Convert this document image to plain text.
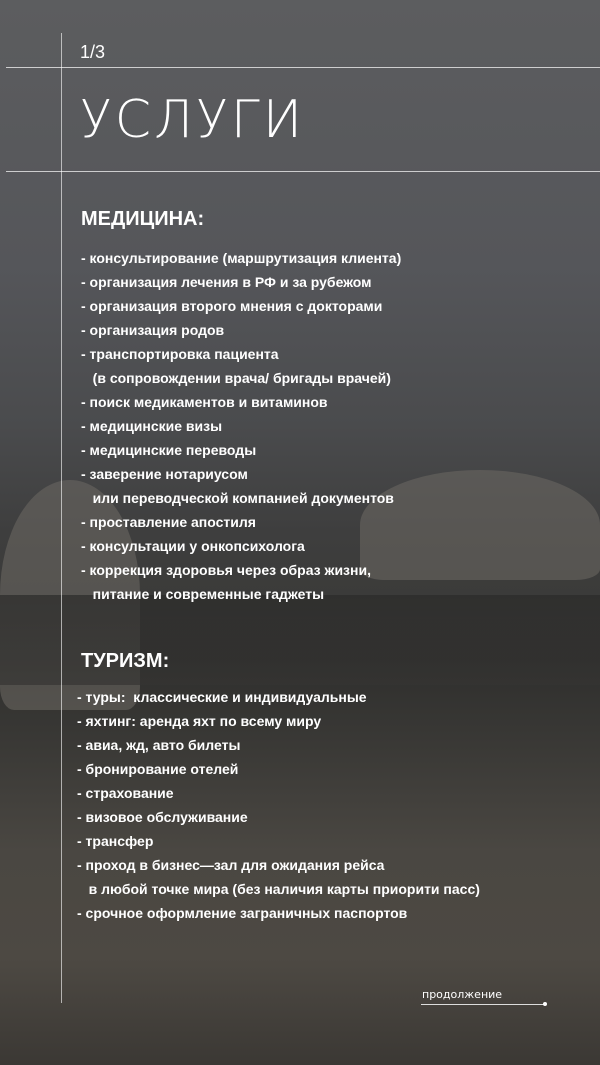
1/3
УСЛУГИ
МЕДИЦИНА:
- консультирование (маршрутизация клиента)
- организация лечения в РФ и за рубежом
- организация второго мнения с докторами
- организация родов
- транспортировка пациента
(в сопровождении врача/ бригады врачей)
- поиск медикаментов и витаминов
- медицинские визы
- медицинские переводы
- заверение нотариусом
или переводческой компанией документов
- проставление апостиля
- консультации у онкопсихолога
- коррекция здоровья через образ жизни,
питание и современные гаджеты
ТУРИЗМ:
- туры:  классические и индивидуальные
- яхтинг: аренда яхт по всему миру
- авиа, жд, авто билеты
- бронирование отелей
- страхование
- визовое обслуживание
- трансфер
- проход в бизнес—зал для ожидания рейса
в любой точке мира (без наличия карты приорити пасс)
- срочное оформление заграничных паспортов
продолжение
